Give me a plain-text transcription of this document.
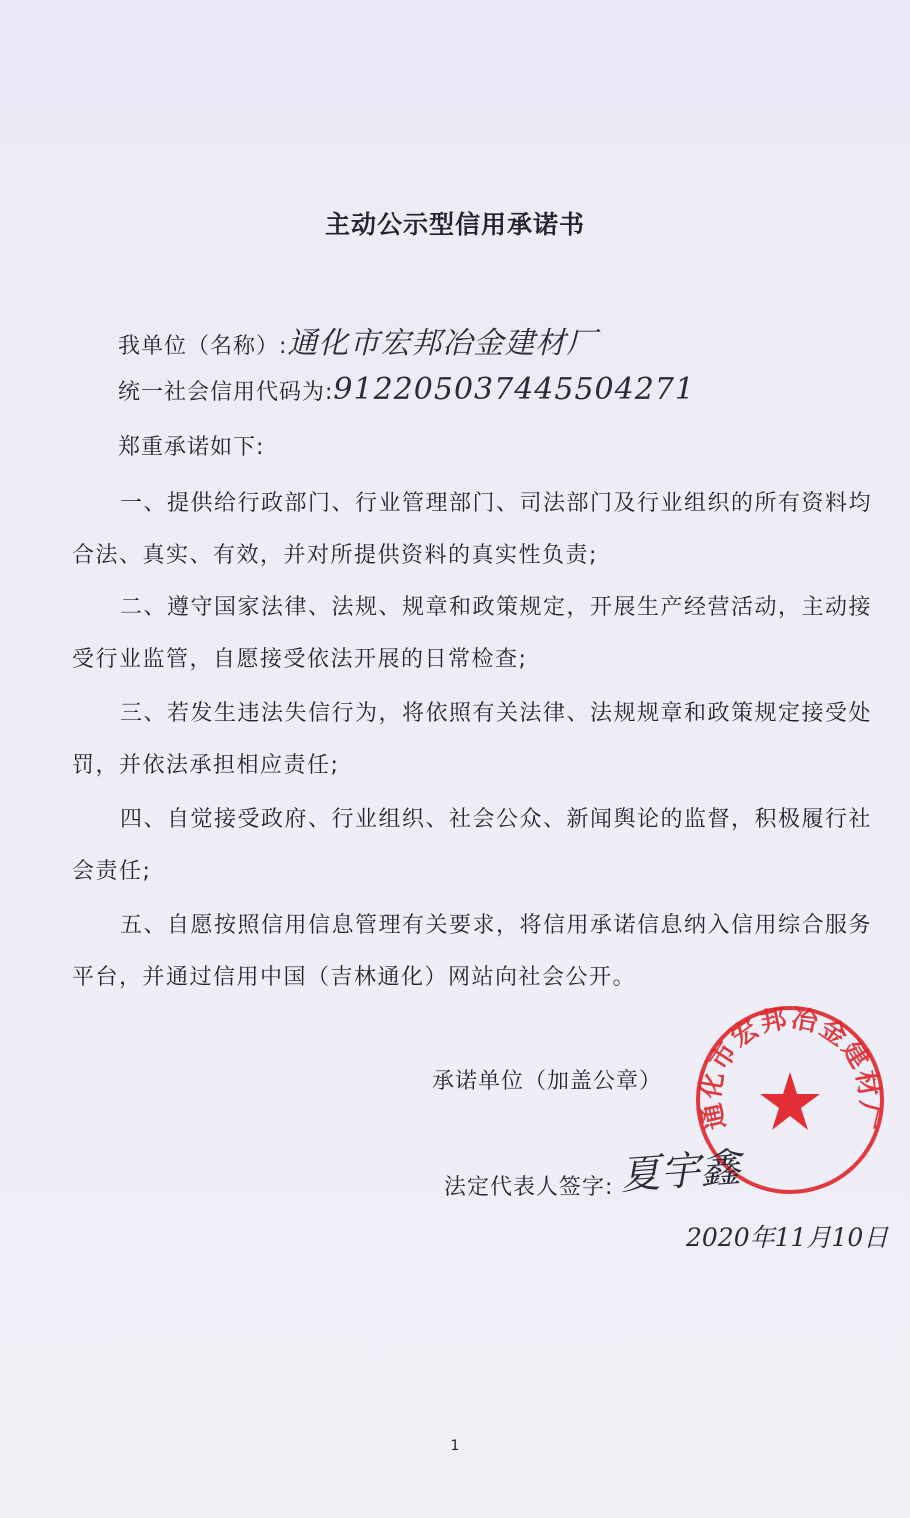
主动公示型信用承诺书
我单位（名称）:通化市宏邦冶金建材厂
统一社会信用代码为:912205037445504271
郑重承诺如下:
一、提供给行政部门、行业管理部门、司法部门及行业组织的所有资料均合法、真实、有效，并对所提供资料的真实性负责;
二、遵守国家法律、法规、规章和政策规定，开展生产经营活动，主动接受行业监管，自愿接受依法开展的日常检查;
三、若发生违法失信行为，将依照有关法律、法规规章和政策规定接受处罚，并依法承担相应责任;
四、自觉接受政府、行业组织、社会公众、新闻舆论的监督，积极履行社会责任;
五、自愿按照信用信息管理有关要求，将信用承诺信息纳入信用综合服务平台，并通过信用中国（吉林通化）网站向社会公开。
承诺单位（加盖公章）
通化市宏邦冶金建材厂
法定代表人签字: 夏宇鑫
2020年11月10日
1
